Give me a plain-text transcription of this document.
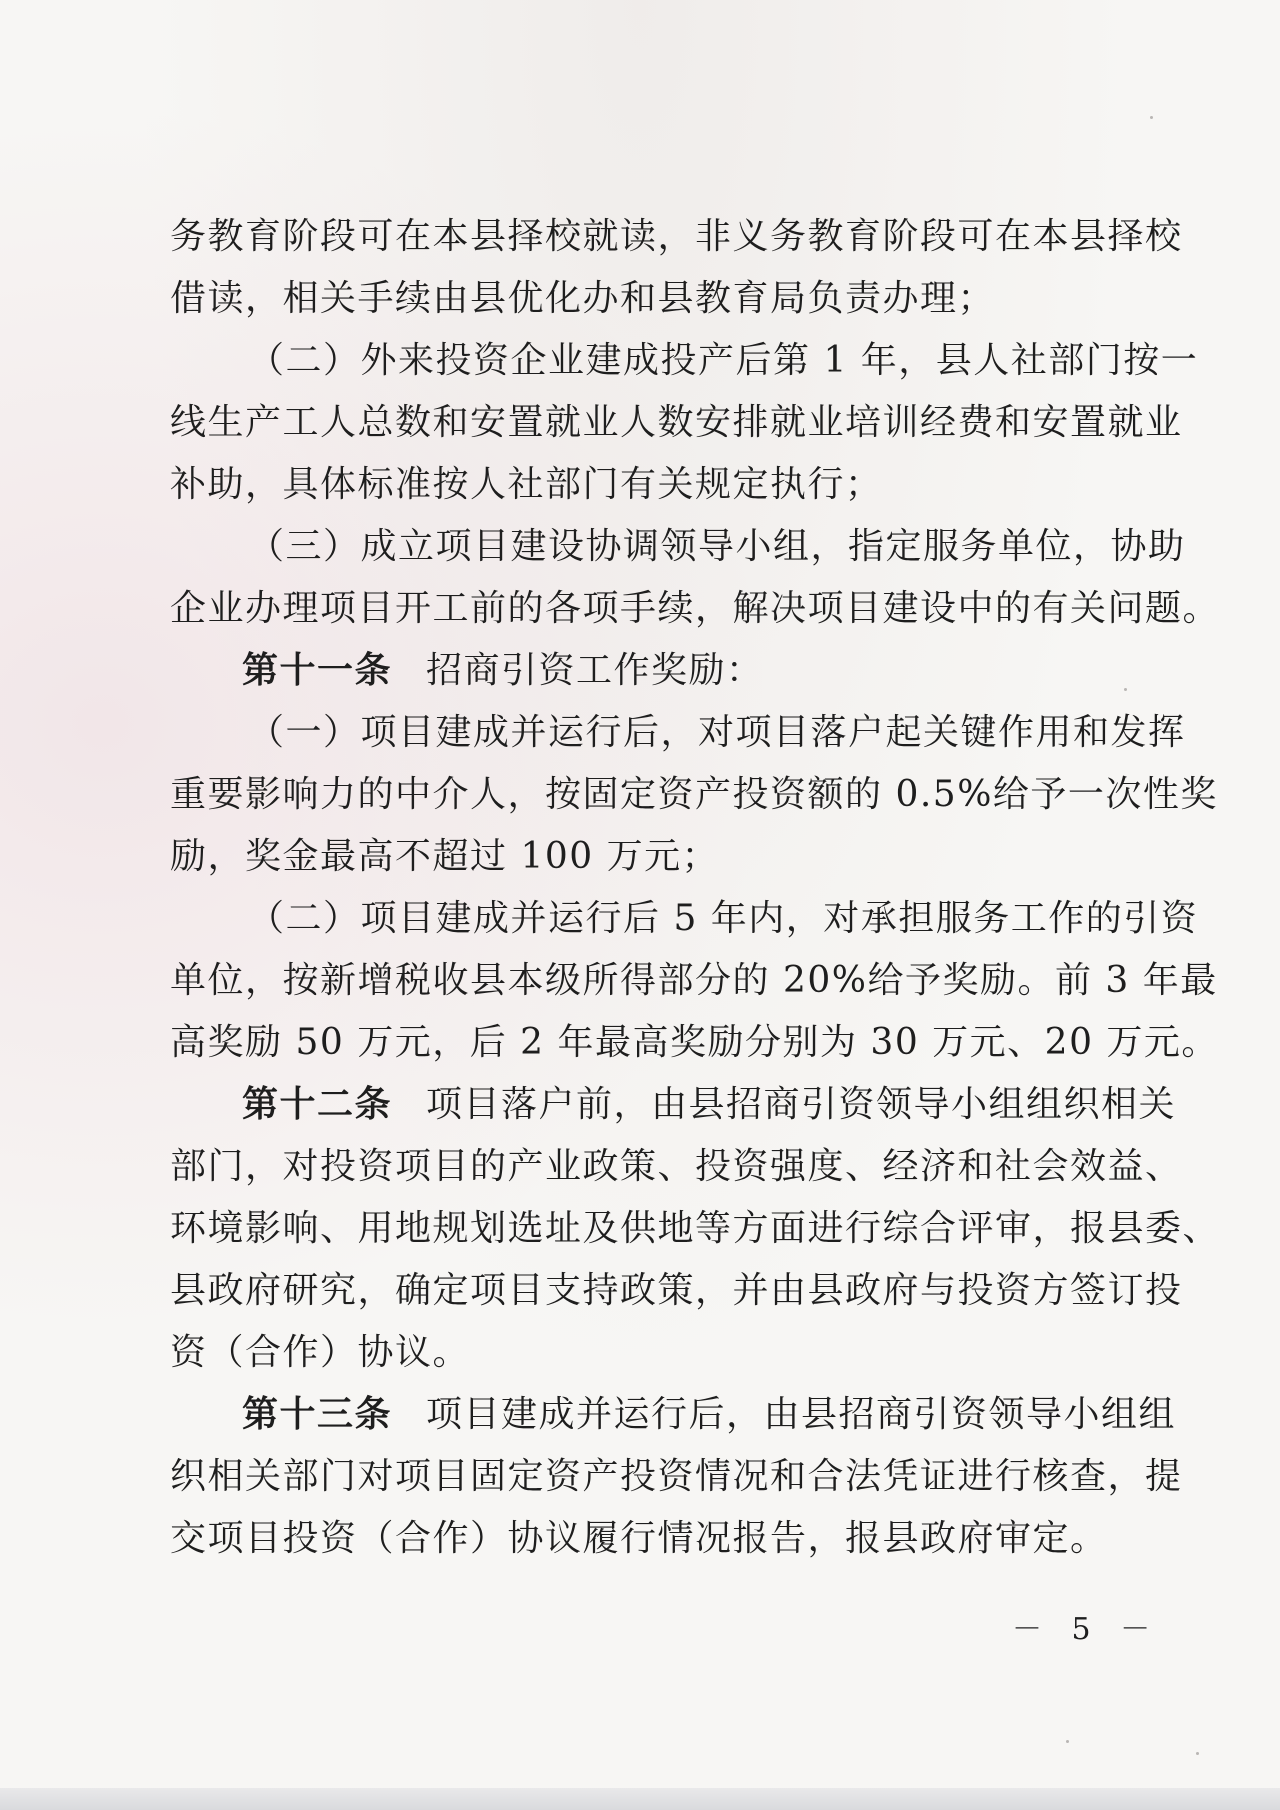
务教育阶段可在本县择校就读，非义务教育阶段可在本县择校
借读，相关手续由县优化办和县教育局负责办理；
（二）外来投资企业建成投产后第 1 年，县人社部门按一
线生产工人总数和安置就业人数安排就业培训经费和安置就业
补助，具体标准按人社部门有关规定执行；
（三）成立项目建设协调领导小组，指定服务单位，协助
企业办理项目开工前的各项手续，解决项目建设中的有关问题。
第十一条 招商引资工作奖励：
（一）项目建成并运行后，对项目落户起关键作用和发挥
重要影响力的中介人，按固定资产投资额的 0.5%给予一次性奖
励，奖金最高不超过 100 万元；
（二）项目建成并运行后 5 年内，对承担服务工作的引资
单位，按新增税收县本级所得部分的 20%给予奖励。前 3 年最
高奖励 50 万元，后 2 年最高奖励分别为 30 万元、20 万元。
第十二条 项目落户前，由县招商引资领导小组组织相关
部门，对投资项目的产业政策、投资强度、经济和社会效益、
环境影响、用地规划选址及供地等方面进行综合评审，报县委、
县政府研究，确定项目支持政策，并由县政府与投资方签订投
资（合作）协议。
第十三条 项目建成并运行后，由县招商引资领导小组组
织相关部门对项目固定资产投资情况和合法凭证进行核查，提
交项目投资（合作）协议履行情况报告，报县政府审定。
－ 5 －
